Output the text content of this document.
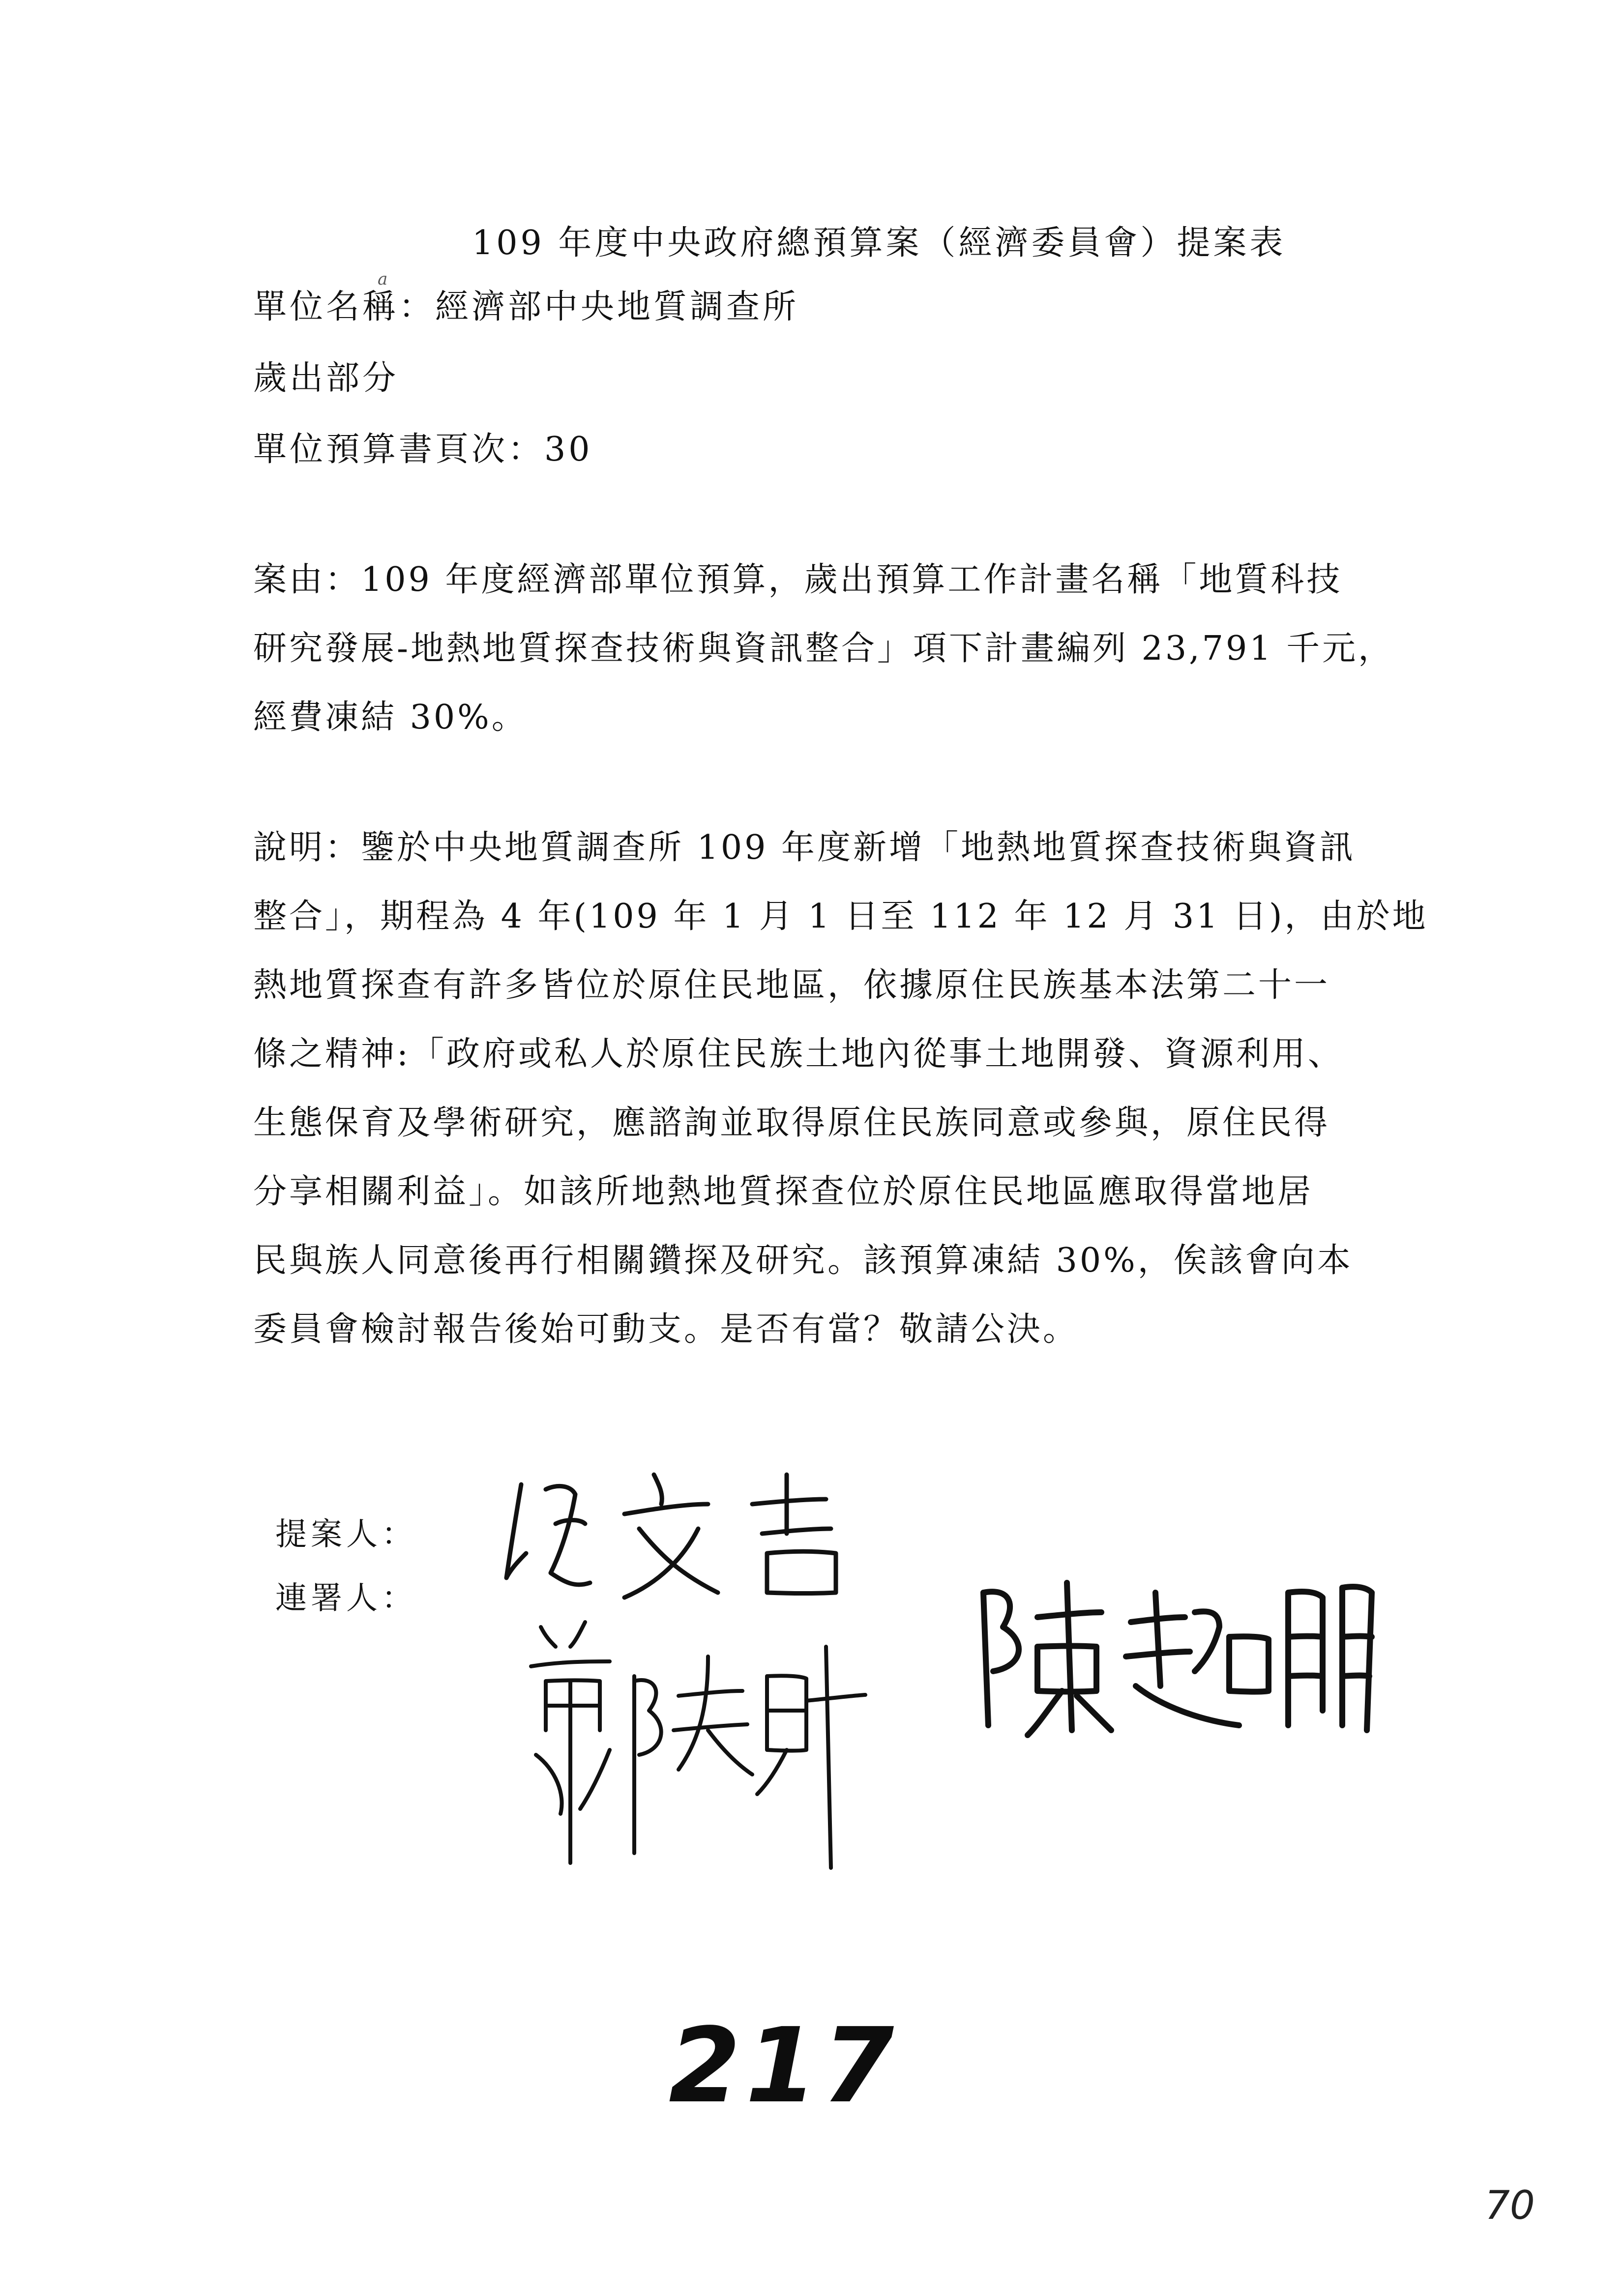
109 年度中央政府總預算案（經濟委員會）提案表
a
單位名稱：經濟部中央地質調查所
歲出部分
單位預算書頁次：30
案由：109 年度經濟部單位預算，歲出預算工作計畫名稱「地質科技
研究發展-地熱地質探查技術與資訊整合」項下計畫編列 23,791 千元，
經費凍結 30%。
說明：鑒於中央地質調查所 109 年度新增「地熱地質探查技術與資訊
整合」，期程為 4 年(109 年 1 月 1 日至 112 年 12 月 31 日)，由於地
熱地質探查有許多皆位於原住民地區，依據原住民族基本法第二十一
條之精神:「政府或私人於原住民族土地內從事土地開發、資源利用、
生態保育及學術研究，應諮詢並取得原住民族同意或參與，原住民得
分享相關利益」。如該所地熱地質探查位於原住民地區應取得當地居
民與族人同意後再行相關鑽探及研究。該預算凍結 30%，俟該會向本
委員會檢討報告後始可動支。是否有當？敬請公決。
提案人：
連署人：
217
70
